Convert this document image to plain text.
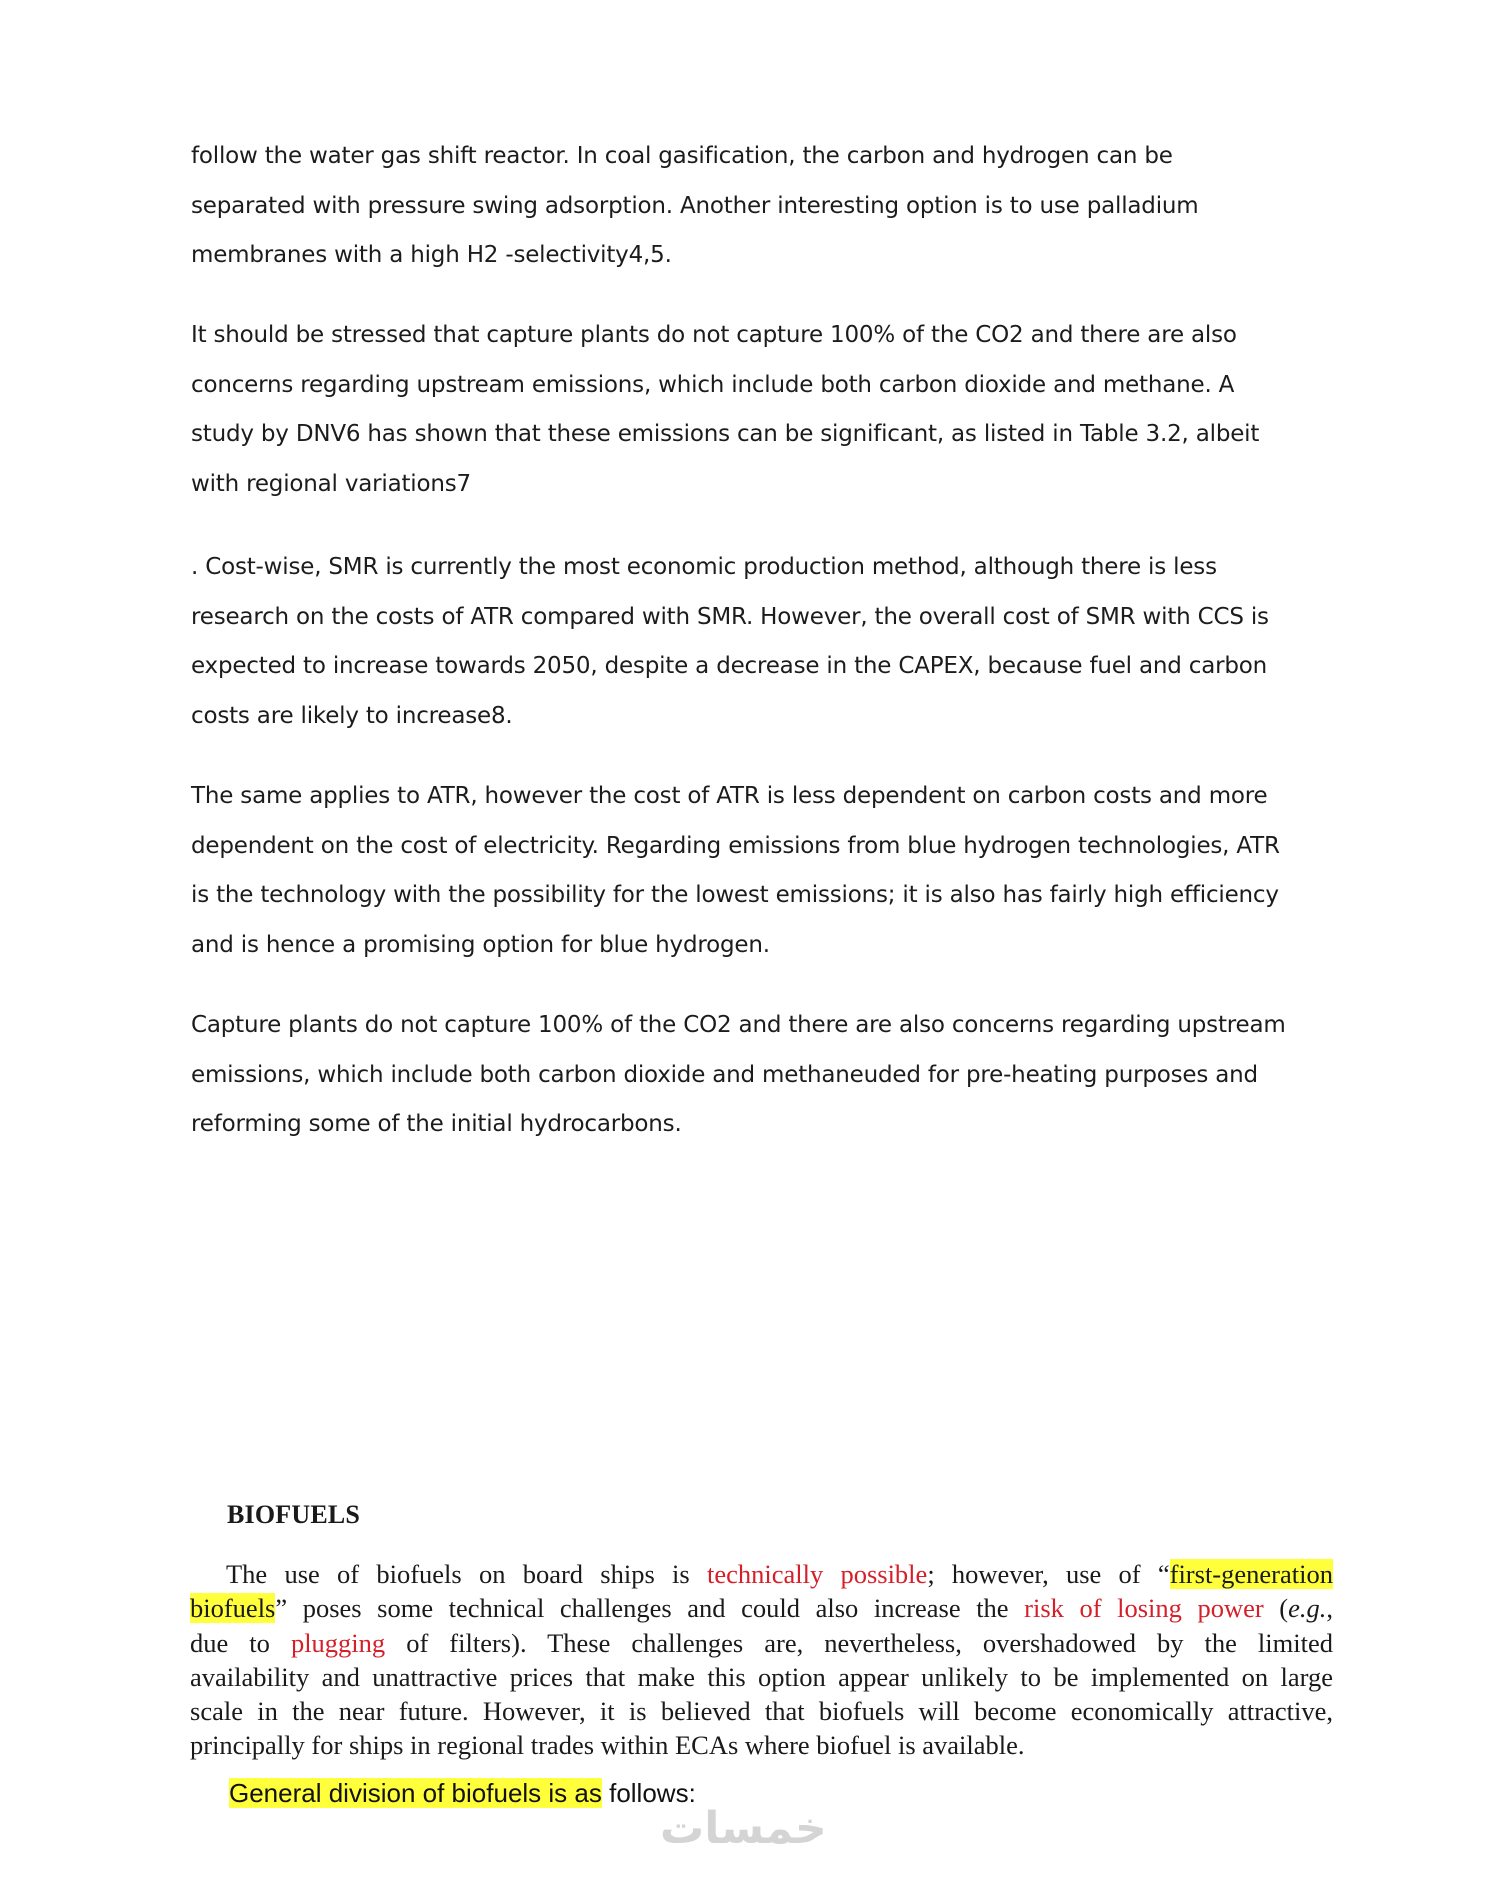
follow the water gas shift reactor. In coal gasification, the carbon and hydrogen can be
separated with pressure swing adsorption. Another interesting option is to use palladium
membranes with a high H2 -selectivity4,5.
It should be stressed that capture plants do not capture 100% of the CO2 and there are also
concerns regarding upstream emissions, which include both carbon dioxide and methane. A
study by DNV6 has shown that these emissions can be significant, as listed in Table 3.2, albeit
with regional variations7
. Cost-wise, SMR is currently the most economic production method, although there is less
research on the costs of ATR compared with SMR. However, the overall cost of SMR with CCS is
expected to increase towards 2050, despite a decrease in the CAPEX, because fuel and carbon
costs are likely to increase8.
The same applies to ATR, however the cost of ATR is less dependent on carbon costs and more
dependent on the cost of electricity. Regarding emissions from blue hydrogen technologies, ATR
is the technology with the possibility for the lowest emissions; it is also has fairly high efficiency
and is hence a promising option for blue hydrogen.
Capture plants do not capture 100% of the CO2 and there are also concerns regarding upstream
emissions, which include both carbon dioxide and methaneuded for pre-heating purposes and
reforming some of the initial hydrocarbons.
BIOFUELS
The use of biofuels on board ships is technically possible; however, use of “first-generation
biofuels” poses some technical challenges and could also increase the risk of losing power (e.g.,
due to plugging of filters). These challenges are, nevertheless, overshadowed by the limited
availability and unattractive prices that make this option appear unlikely to be implemented on large
scale in the near future. However, it is believed that biofuels will become economically attractive,
principally for ships in regional trades within ECAs where biofuel is available.
General division of biofuels is as follows:
خمسات
